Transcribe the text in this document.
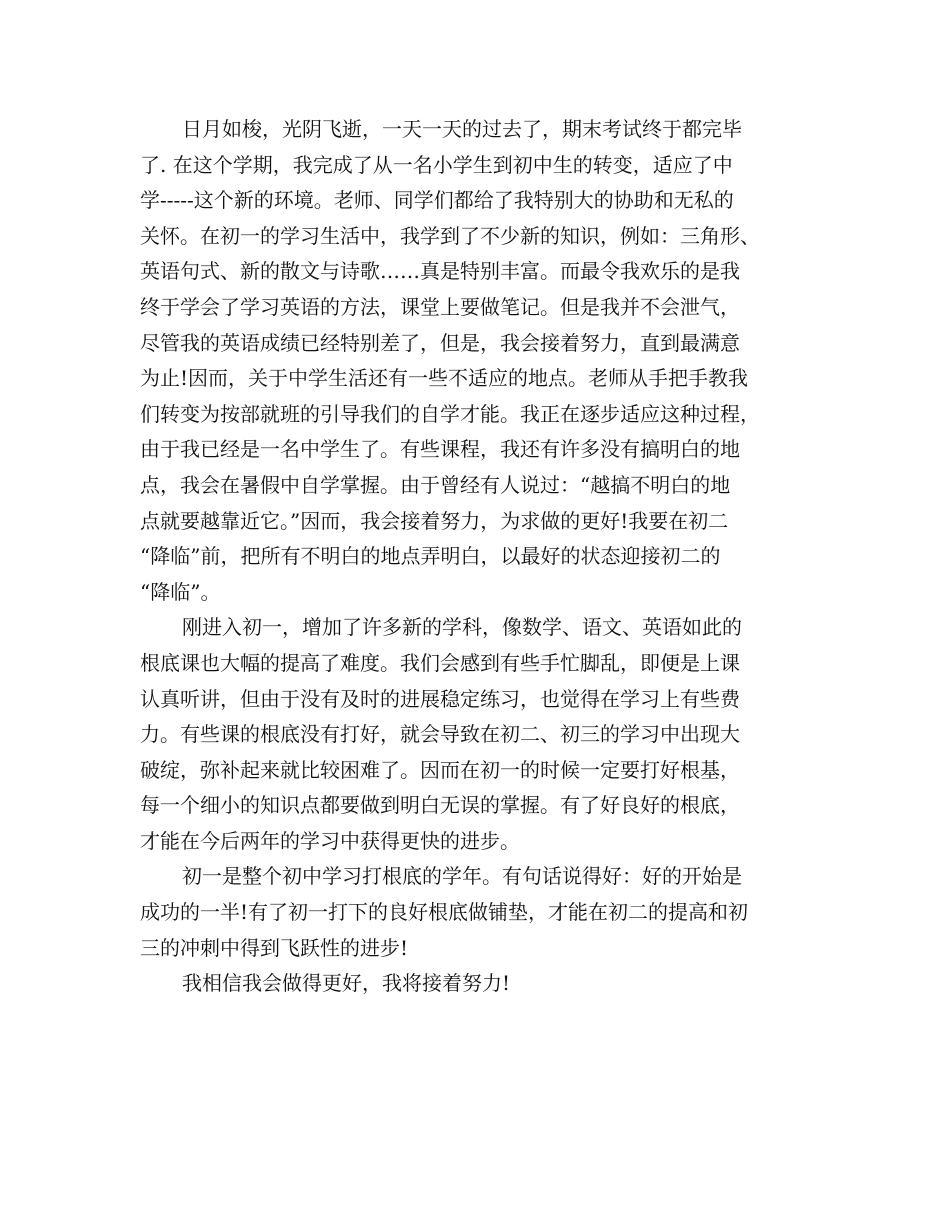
日月如梭，光阴飞逝，一天一天的过去了，期末考试终于都完毕
了. 在这个学期，我完成了从一名小学生到初中生的转变，适应了中
学-----这个新的环境。老师、同学们都给了我特别大的协助和无私的
关怀。在初一的学习生活中，我学到了不少新的知识，例如：三角形、
英语句式、新的散文与诗歌……真是特别丰富。而最令我欢乐的是我
终于学会了学习英语的方法，课堂上要做笔记。但是我并不会泄气，
尽管我的英语成绩已经特别差了，但是，我会接着努力，直到最满意
为止!因而，关于中学生活还有一些不适应的地点。老师从手把手教我
们转变为按部就班的引导我们的自学才能。我正在逐步适应这种过程，
由于我已经是一名中学生了。有些课程，我还有许多没有搞明白的地
点，我会在暑假中自学掌握。由于曾经有人说过：“越搞不明白的地
点就要越靠近它。”因而，我会接着努力，为求做的更好!我要在初二
“降临”前，把所有不明白的地点弄明白，以最好的状态迎接初二的
“降临”。
刚进入初一，增加了许多新的学科，像数学、语文、英语如此的
根底课也大幅的提高了难度。我们会感到有些手忙脚乱，即便是上课
认真听讲，但由于没有及时的进展稳定练习，也觉得在学习上有些费
力。有些课的根底没有打好，就会导致在初二、初三的学习中出现大
破绽，弥补起来就比较困难了。因而在初一的时候一定要打好根基，
每一个细小的知识点都要做到明白无误的掌握。有了好良好的根底，
才能在今后两年的学习中获得更快的进步。
初一是整个初中学习打根底的学年。有句话说得好：好的开始是
成功的一半!有了初一打下的良好根底做铺垫，才能在初二的提高和初
三的冲刺中得到飞跃性的进步!
我相信我会做得更好，我将接着努力!
